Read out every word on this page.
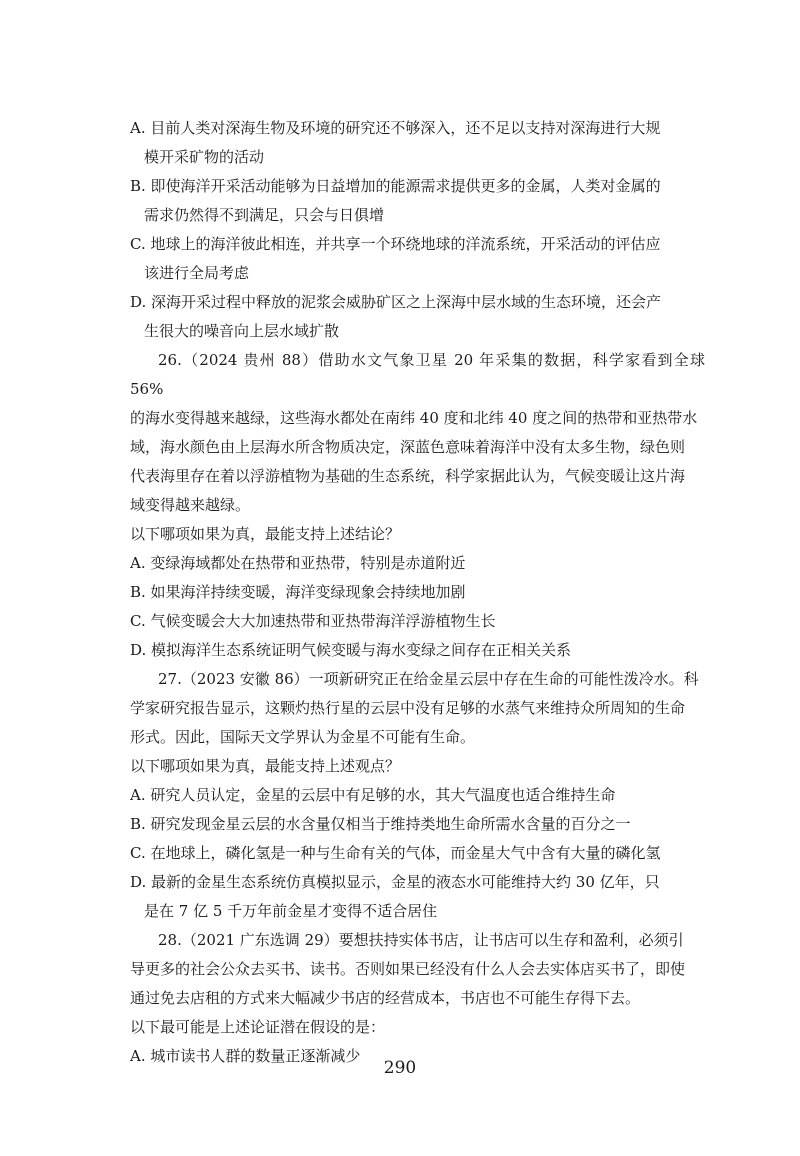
A. 目前人类对深海生物及环境的研究还不够深入，还不足以支持对深海进行大规

模开采矿物的活动

B. 即使海洋开采活动能够为日益增加的能源需求提供更多的金属，人类对金属的

需求仍然得不到满足，只会与日俱增

C. 地球上的海洋彼此相连，并共享一个环绕地球的洋流系统，开采活动的评估应

该进行全局考虑

D. 深海开采过程中释放的泥浆会威胁矿区之上深海中层水域的生态环境，还会产

生很大的噪音向上层水域扩散

26.（2024 贵州 88）借助水文气象卫星 20 年采集的数据，科学家看到全球 56%

的海水变得越来越绿，这些海水都处在南纬 40 度和北纬 40 度之间的热带和亚热带水

域，海水颜色由上层海水所含物质决定，深蓝色意味着海洋中没有太多生物，绿色则

代表海里存在着以浮游植物为基础的生态系统，科学家据此认为，气候变暖让这片海

域变得越来越绿。

以下哪项如果为真，最能支持上述结论？

A. 变绿海域都处在热带和亚热带，特别是赤道附近

B. 如果海洋持续变暖，海洋变绿现象会持续地加剧

C. 气候变暖会大大加速热带和亚热带海洋浮游植物生长

D. 模拟海洋生态系统证明气候变暖与海水变绿之间存在正相关关系

27.（2023 安徽 86）一项新研究正在给金星云层中存在生命的可能性泼冷水。科

学家研究报告显示，这颗灼热行星的云层中没有足够的水蒸气来维持众所周知的生命

形式。因此，国际天文学界认为金星不可能有生命。

以下哪项如果为真，最能支持上述观点？

A. 研究人员认定，金星的云层中有足够的水，其大气温度也适合维持生命

B. 研究发现金星云层的水含量仅相当于维持类地生命所需水含量的百分之一

C. 在地球上，磷化氢是一种与生命有关的气体，而金星大气中含有大量的磷化氢

D. 最新的金星生态系统仿真模拟显示，金星的液态水可能维持大约 30 亿年，只

是在 7 亿 5 千万年前金星才变得不适合居住

28.（2021 广东选调 29）要想扶持实体书店，让书店可以生存和盈利，必须引

导更多的社会公众去买书、读书。否则如果已经没有什么人会去实体店买书了，即使

通过免去店租的方式来大幅减少书店的经营成本，书店也不可能生存得下去。

以下最可能是上述论证潜在假设的是：

A. 城市读书人群的数量正逐渐减少

290
